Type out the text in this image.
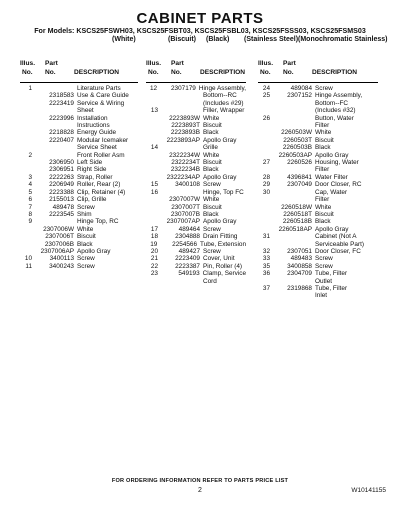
CABINET PARTS
For Models: KSCS25FSWH03, KSCS25FSBT03, KSCS25FSBL03, KSCS25FSSS03, KSCS25FSMS03
(White)	(Biscuit) (Black) (Stainless Steel) (Monochromatic Stainless)
Illus.
No.
Part
No.	DESCRIPTION
1	Literature Parts
2318583 Use & Care Guide
2223419 Service & Wiring
Sheet
2223996 Installation
Instructions
2218828 Energy Guide
2220407 Modular Icemaker
Service Sheet
2	Front Roller Asm
2306950 Left Side
2306951 Right Side
3	2222263 Strap, Roller
4	2206949 Roller, Rear (2)
5	2223388 Clip, Retainer (4)
6	2155013 Clip, Grille
7	489478 Screw
8	2223545 Shim
9	Hinge Top, RC
2307006W White
2307006T Biscuit
2307006B Black
2307006AP Apollo Gray
10	3400113 Screw
11	3400243 Screw
Illus.
No.
Part
No.	DESCRIPTION
12	2307179 Hinge Assembly,
Bottom--RC
(Includes #29)
13	Filler, Wrapper
2223893W White
2223893T Biscuit
2223893B Black
2223893AP Apollo Gray
14	Grille
2322234W White
2322234T Biscuit
2322234B Black
2322234AP Apollo Gray
15	3400108 Screw
16	Hinge, Top FC
2307007W White
2307007T Biscuit
2307007B Black
2307007AP Apollo Gray
17	489464 Screw
18	2304888 Drain Fitting
19	2254566 Tube, Extension
20	489427 Screw
21	2223409 Cover, Unit
22	2223387 Pin, Roller (4)
23	549193 Clamp, Service
Cord
Illus.
No.
Part
No.	DESCRIPTION
24	489084 Screw
25	2307152 Hinge Assembly,
Bottom--FC
(Includes #32)
26	Button, Water
Filter
2260503W White
2260503T Biscuit
2260503B Black
2260503AP Apollo Gray
27	2260526 Housing, Water
Filter
28	4396841 Water Filter
29	2307049 Door Closer, RC
30	Cap, Water
Filter
2260518W White
2260518T Biscuit
2260518B Black
2260518AP Apollo Gray
31	Cabinet (Not A
Serviceable Part)
32	2307051 Door Closer, FC
33	489483 Screw
35	3400858 Screw
36	2304709 Tube, Filter
Outlet
37	2319868 Tube, Filter
Inlet
FOR ORDERING INFORMATION REFER TO PARTS PRICE LIST
2	W10141155
